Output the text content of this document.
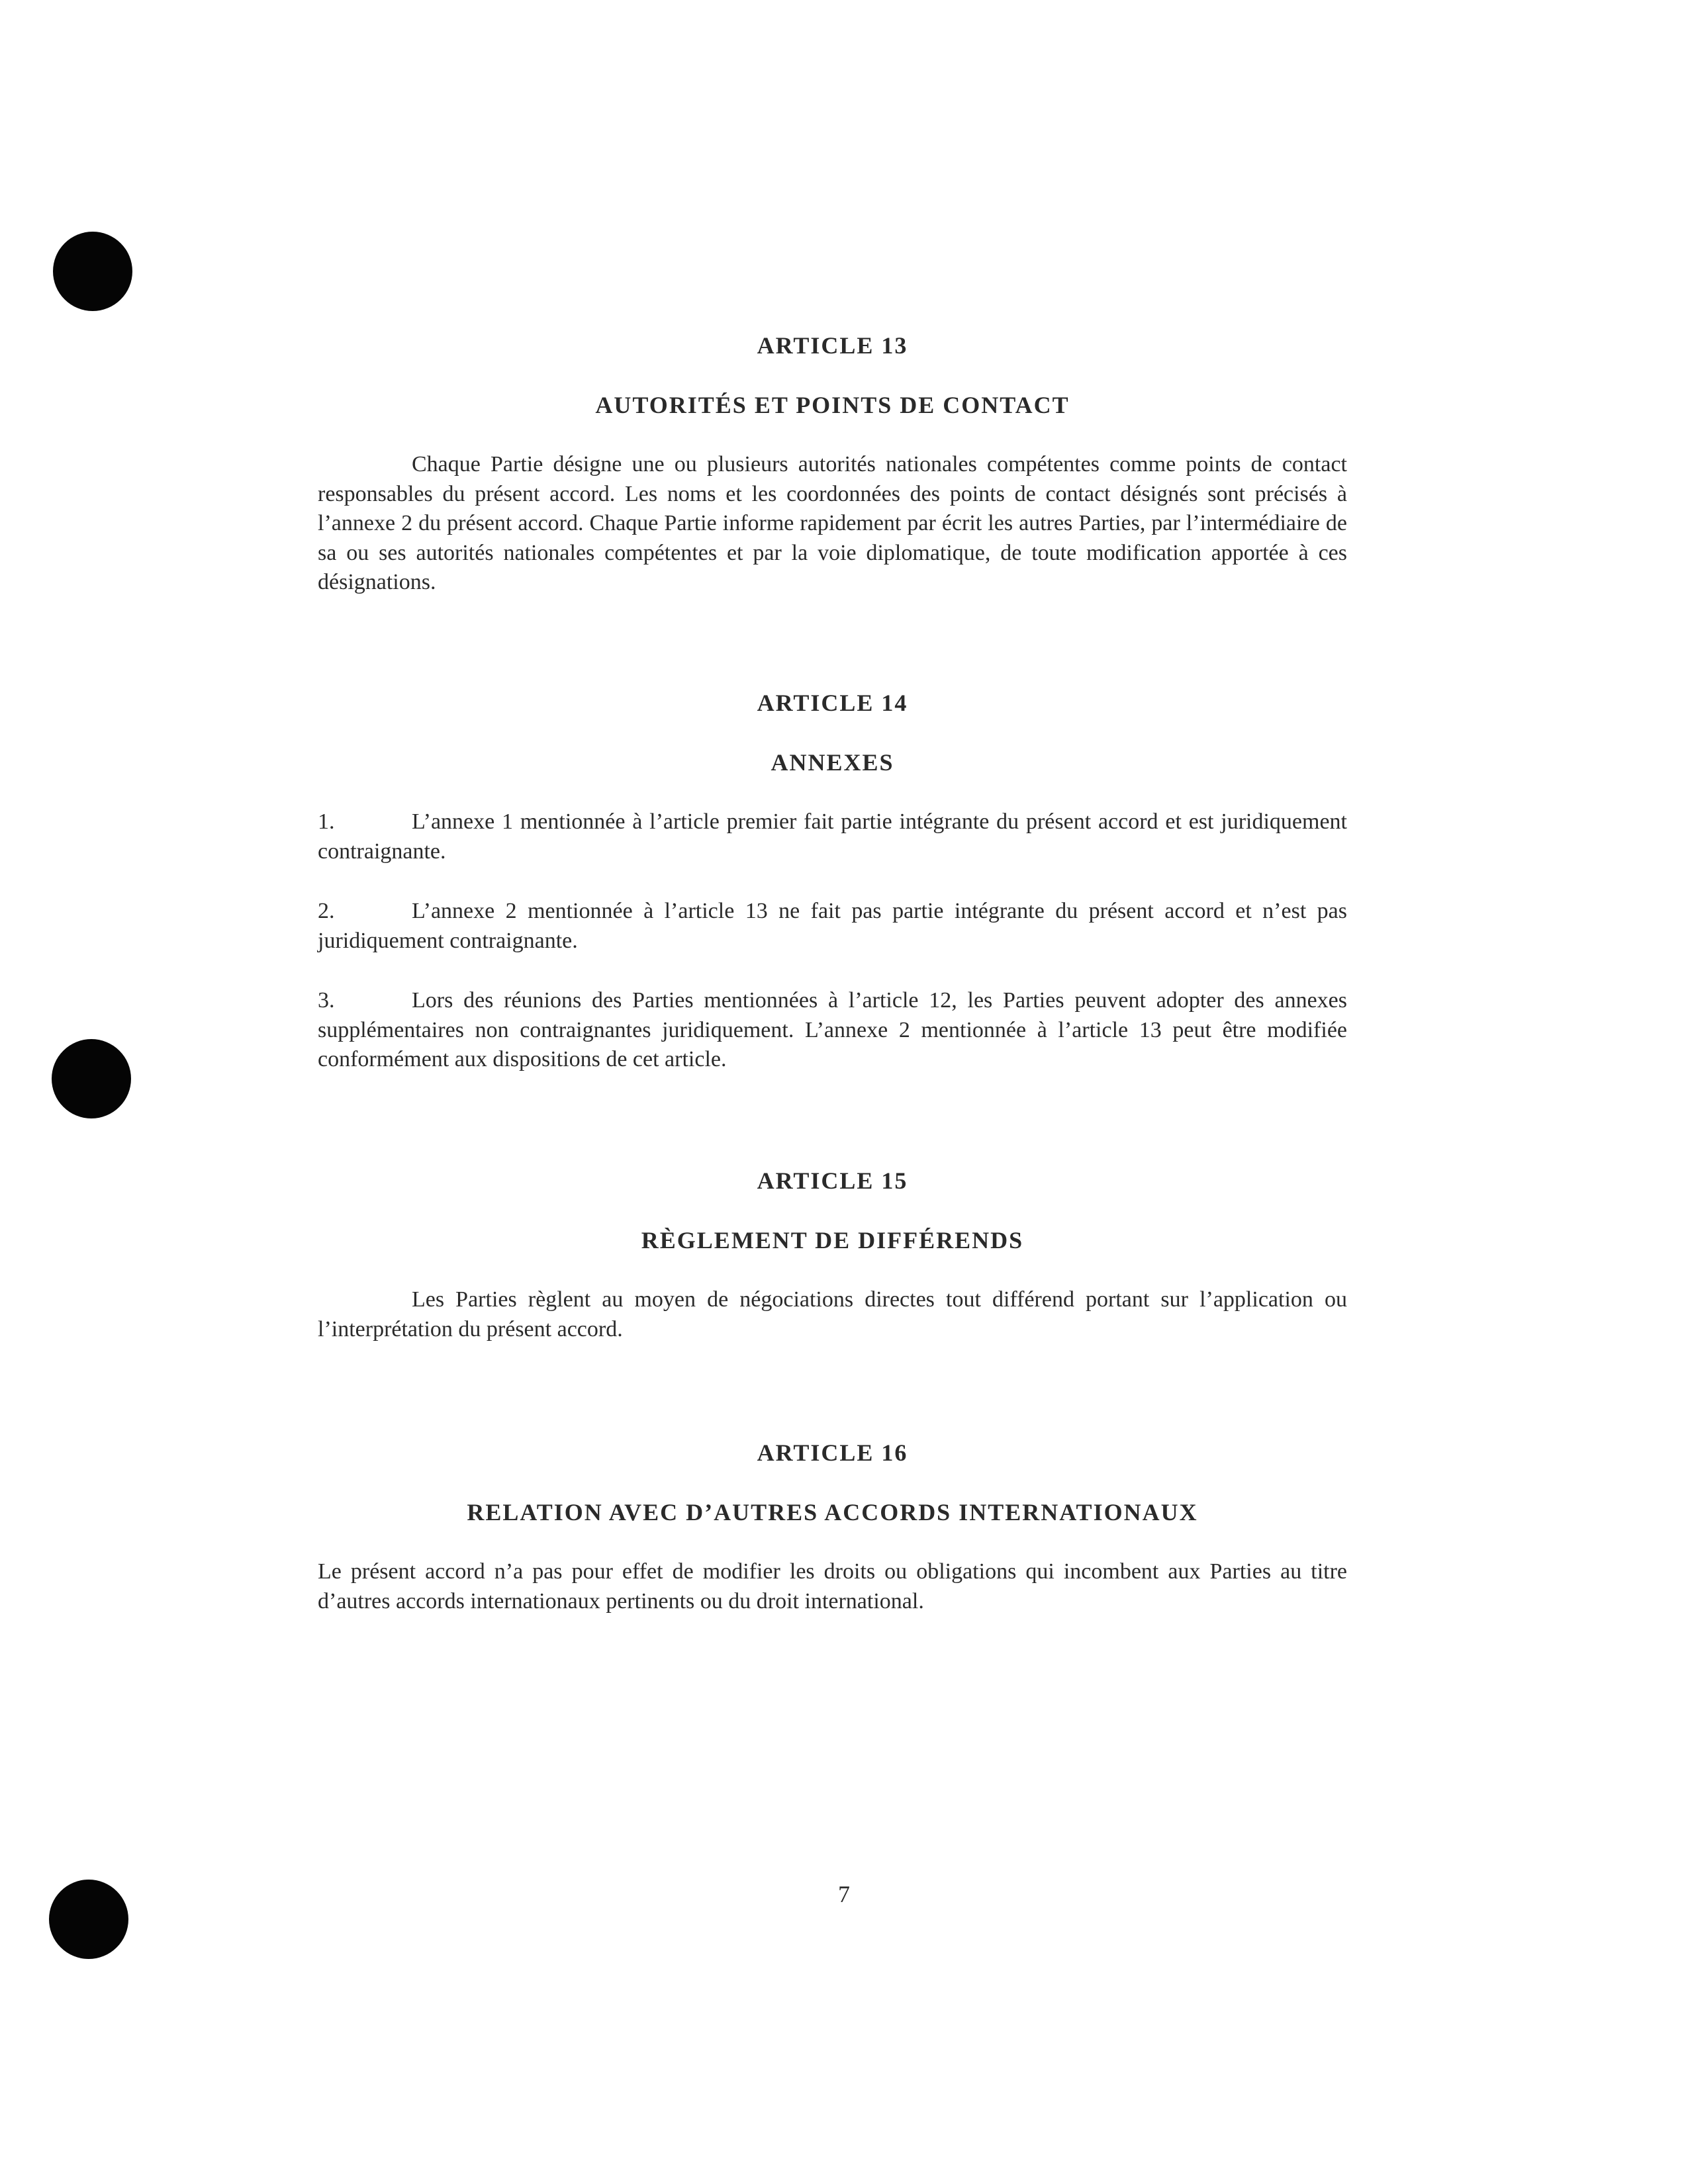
ARTICLE 13
AUTORITÉS ET POINTS DE CONTACT

Chaque Partie désigne une ou plusieurs autorités nationales compétentes comme points de contact responsables du présent accord. Les noms et les coordonnées des points de contact désignés sont précisés à l’annexe 2 du présent accord. Chaque Partie informe rapidement par écrit les autres Parties, par l’intermédiaire de sa ou ses autorités nationales compétentes et par la voie diplomatique, de toute modification apportée à ces désignations.

ARTICLE 14
ANNEXES

1.	L’annexe 1 mentionnée à l’article premier fait partie intégrante du présent accord et est juridiquement contraignante.

2.	L’annexe 2 mentionnée à l’article 13 ne fait pas partie intégrante du présent accord et n’est pas juridiquement contraignante.

3.	Lors des réunions des Parties mentionnées à l’article 12, les Parties peuvent adopter des annexes supplémentaires non contraignantes juridiquement. L’annexe 2 mentionnée à l’article 13 peut être modifiée conformément aux dispositions de cet article.

ARTICLE 15
RÈGLEMENT DE DIFFÉRENDS

Les Parties règlent au moyen de négociations directes tout différend portant sur l’application ou l’interprétation du présent accord.

ARTICLE 16
RELATION AVEC D’AUTRES ACCORDS INTERNATIONAUX

Le présent accord n’a pas pour effet de modifier les droits ou obligations qui incombent aux Parties au titre d’autres accords internationaux pertinents ou du droit international.

7
